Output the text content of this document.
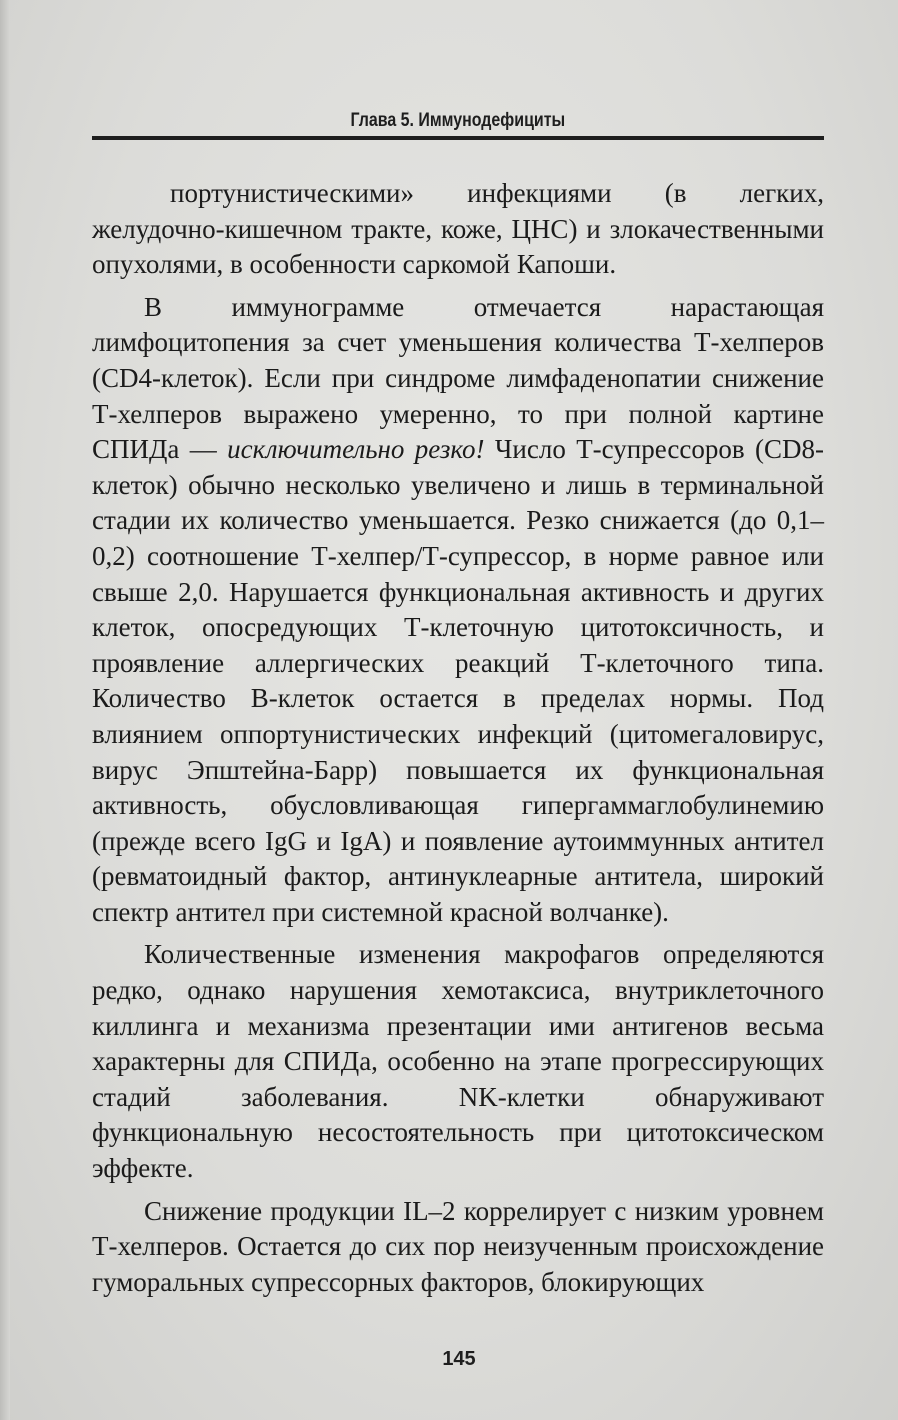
Глава 5. Иммунодефициты

портунистическими» инфекциями (в легких, желудочно-кишечном тракте, коже, ЦНС) и злокачественными опухолями, в особенности саркомой Капоши.

В иммунограмме отмечается нарастающая лимфоцитопения за счет уменьшения количества Т-хелперов (CD4-клеток). Если при синдроме лимфаденопатии снижение Т-хелперов выражено умеренно, то при полной картине СПИДа — исключительно резко! Число Т-супрессоров (CD8-клеток) обычно несколько увеличено и лишь в терминальной стадии их количество уменьшается. Резко снижается (до 0,1–0,2) соотношение Т-хелпер/Т-супрессор, в норме равное или свыше 2,0. Нарушается функциональная активность и других клеток, опосредующих Т-клеточную цитотоксичность, и проявление аллергических реакций Т-клеточного типа. Количество В-клеток остается в пределах нормы. Под влиянием оппортунистических инфекций (цитомегаловирус, вирус Эпштейна-Барр) повышается их функциональная активность, обусловливающая гипергаммаглобулинемию (прежде всего IgG и IgA) и появление аутоиммунных антител (ревматоидный фактор, антинуклеарные антитела, широкий спектр антител при системной красной волчанке).

Количественные изменения макрофагов определяются редко, однако нарушения хемотаксиса, внутриклеточного киллинга и механизма презентации ими антигенов весьма характерны для СПИДа, особенно на этапе прогрессирующих стадий заболевания. NK-клетки обнаруживают функциональную несостоятельность при цитотоксическом эффекте.

Снижение продукции IL–2 коррелирует с низким уровнем Т-хелперов. Остается до сих пор неизученным происхождение гуморальных супрессорных факторов, блокирующих

145
